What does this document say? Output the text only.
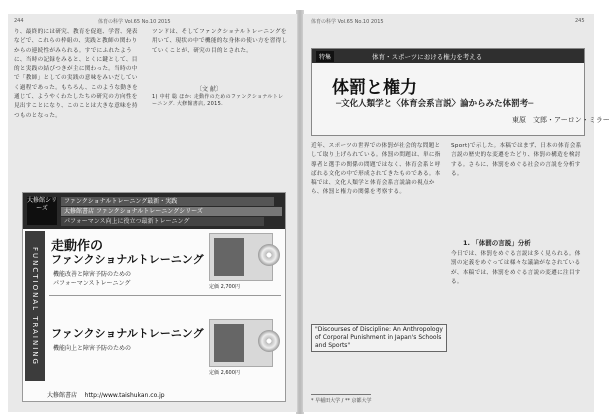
244	体育の科学 Vol.65 No.10 2015
り、最終的には研究、教育を促進、学習、発表などで、これらの枠組の、実践と教師の関わりからの連続性がみられる。すでにふれたように、当時の記録をみると、とくに鍵として、目的と実践の結びつきが主に関わった。当時の中で「教師」としての実践の意味をみいだしていく過程であった。もちろん、このような動きを通じて、ようやくわたしたちの研究の方向性を見出すことになり、このことは大きな意味を持つものとなった。
ツンドは、そしてファンクショナルトレーニングを用いて、現状の中で機能的な身体の使い方を習得していくことが、研究の目的とされた。
〔文 献〕
1) 中村 聡 ほか: 走動作のためのファンクショナルトレーニング. 大修館書店, 2015.
大修館シリーズ
ファンクショナルトレーニング最新・実践
大修館書店 ファンクショナルトレーニングシリーズ
パフォーマンス向上に役立つ最新トレーニング
FUNCTIONAL TRAINING
走動作の
ファンクショナルトレーニング
機能改善と障害予防のための
パフォーマンストレーニング	定価 2,700円
ファンクショナルトレーニング
機能向上と障害予防のための
定価 2,600円
大修館書店 http://www.taishukan.co.jp
体育の科学 Vol.65 No.10 2015	245
特集	体育・スポーツにおける権力を考える
体罰と権力
─文化人類学と〈体育会系言説〉論からみた体罰考─
東原　文郎・アーロン・ミラー
近年、スポーツの世界での体罰が社会的な問題として取り上げられている。体罰の問題は、単に指導者と選手の関係の問題ではなく、体育会系と呼ばれる文化の中で形成されてきたものである。本稿では、文化人類学と体育会系言説論の視点から、体罰と権力の関係を考察する。
Sport)で示した。本稿ではまず、日本の体育会系言説の歴史的な変遷をたどり、体罰の構造を検討する。さらに、体罰をめぐる社会の言説を分析する。
1. 「体罰の言説」分析
今日では、体罰をめぐる言説は多く見られる。体罰の定義をめぐっては様々な議論がなされているが、本稿では、体罰をめぐる言説の変遷に注目する。
"Discourses of Discipline: An Anthropology of Corporal Punishment in Japan's Schools and Sports"
* 早稲田大学 / ** 京都大学
